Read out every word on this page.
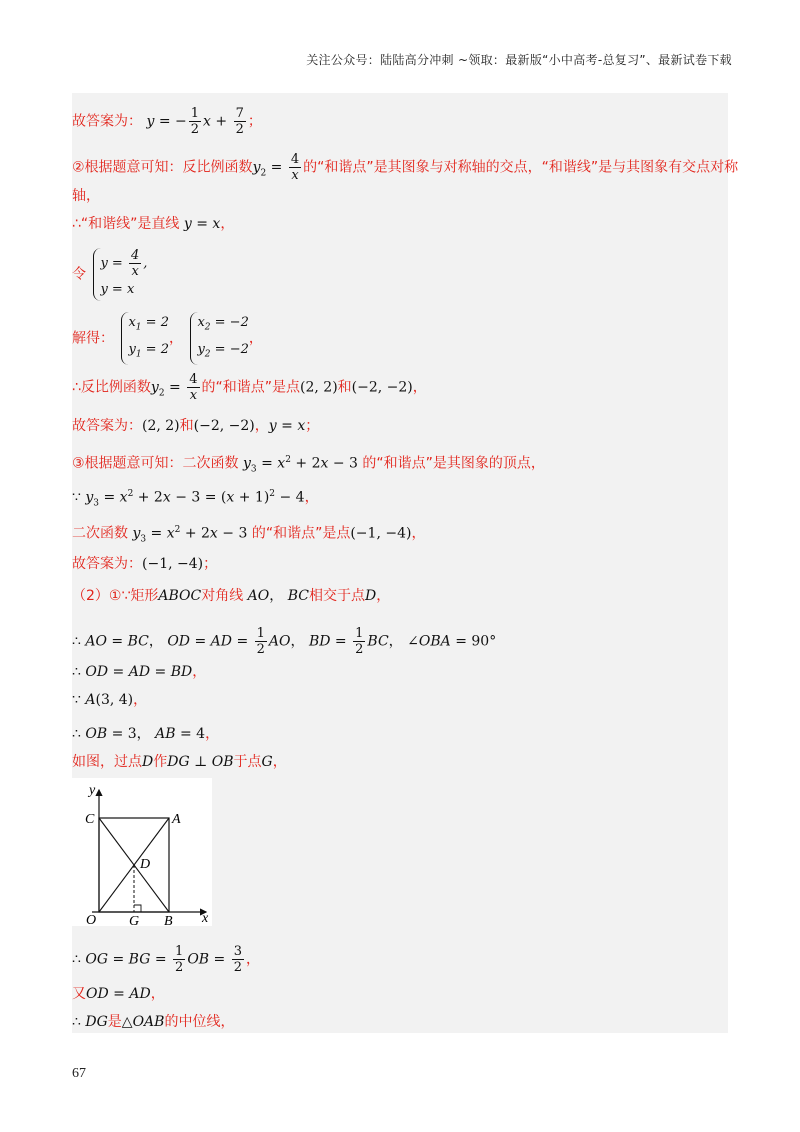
关注公众号：陆陆高分冲刺 ~领取：最新版“小中高考-总复习”、最新试卷下载
故答案为： y = − $\frac{1}{2}$ $x + \frac{7}{2}$ ；
②根据题意可知：反比例函数$y_2 = \frac{4}{x}$ 的“和谐点”是其图象与对称轴的交点，“和谐线”是与其图象有交点对称
轴，
∴“和谐线”是直线 y = x，
令
$y = \frac{4}{x}$ ,
y = x
解得：
$x_1 = 2$
$y_1 = 2$
，
$x_2 = -2$
$y_2 = -2$
，
∴反比例函数$y_2 = \frac{4}{x}$ 的“和谐点”是点(2, 2)和(−2, −2)，
故答案为：(2, 2)和(−2, −2)，y = x；
③根据题意可知：二次函数 $y_3 = x^2 + 2x - 3$ 的“和谐点”是其图象的顶点，
∵ $y_3 = x^2 + 2x - 3 = (x + 1)^2 - 4$，
二次函数 $y_3 = x^2 + 2x - 3$ 的“和谐点”是点(−1, −4)，
故答案为：(−1, −4)；
（2）①∵矩形ABOC对角线 AO， BC相交于点D，
∴ AO = BC， OD = AD = $\frac{1}{2}$ AO， BD = $\frac{1}{2}$ BC， ∠OBA = 90°
∴ OD = AD = BD，
∵ A(3, 4)，
∴ OB = 3， AB = 4，
如图，过点D作DG ⊥ OB于点G，
y
x
C	A
D
O G B
∴ OG = BG = $\frac{1}{2}$ OB = $\frac{3}{2}$ ，
又OD = AD，
∴ DG是△OAB的中位线，
67
